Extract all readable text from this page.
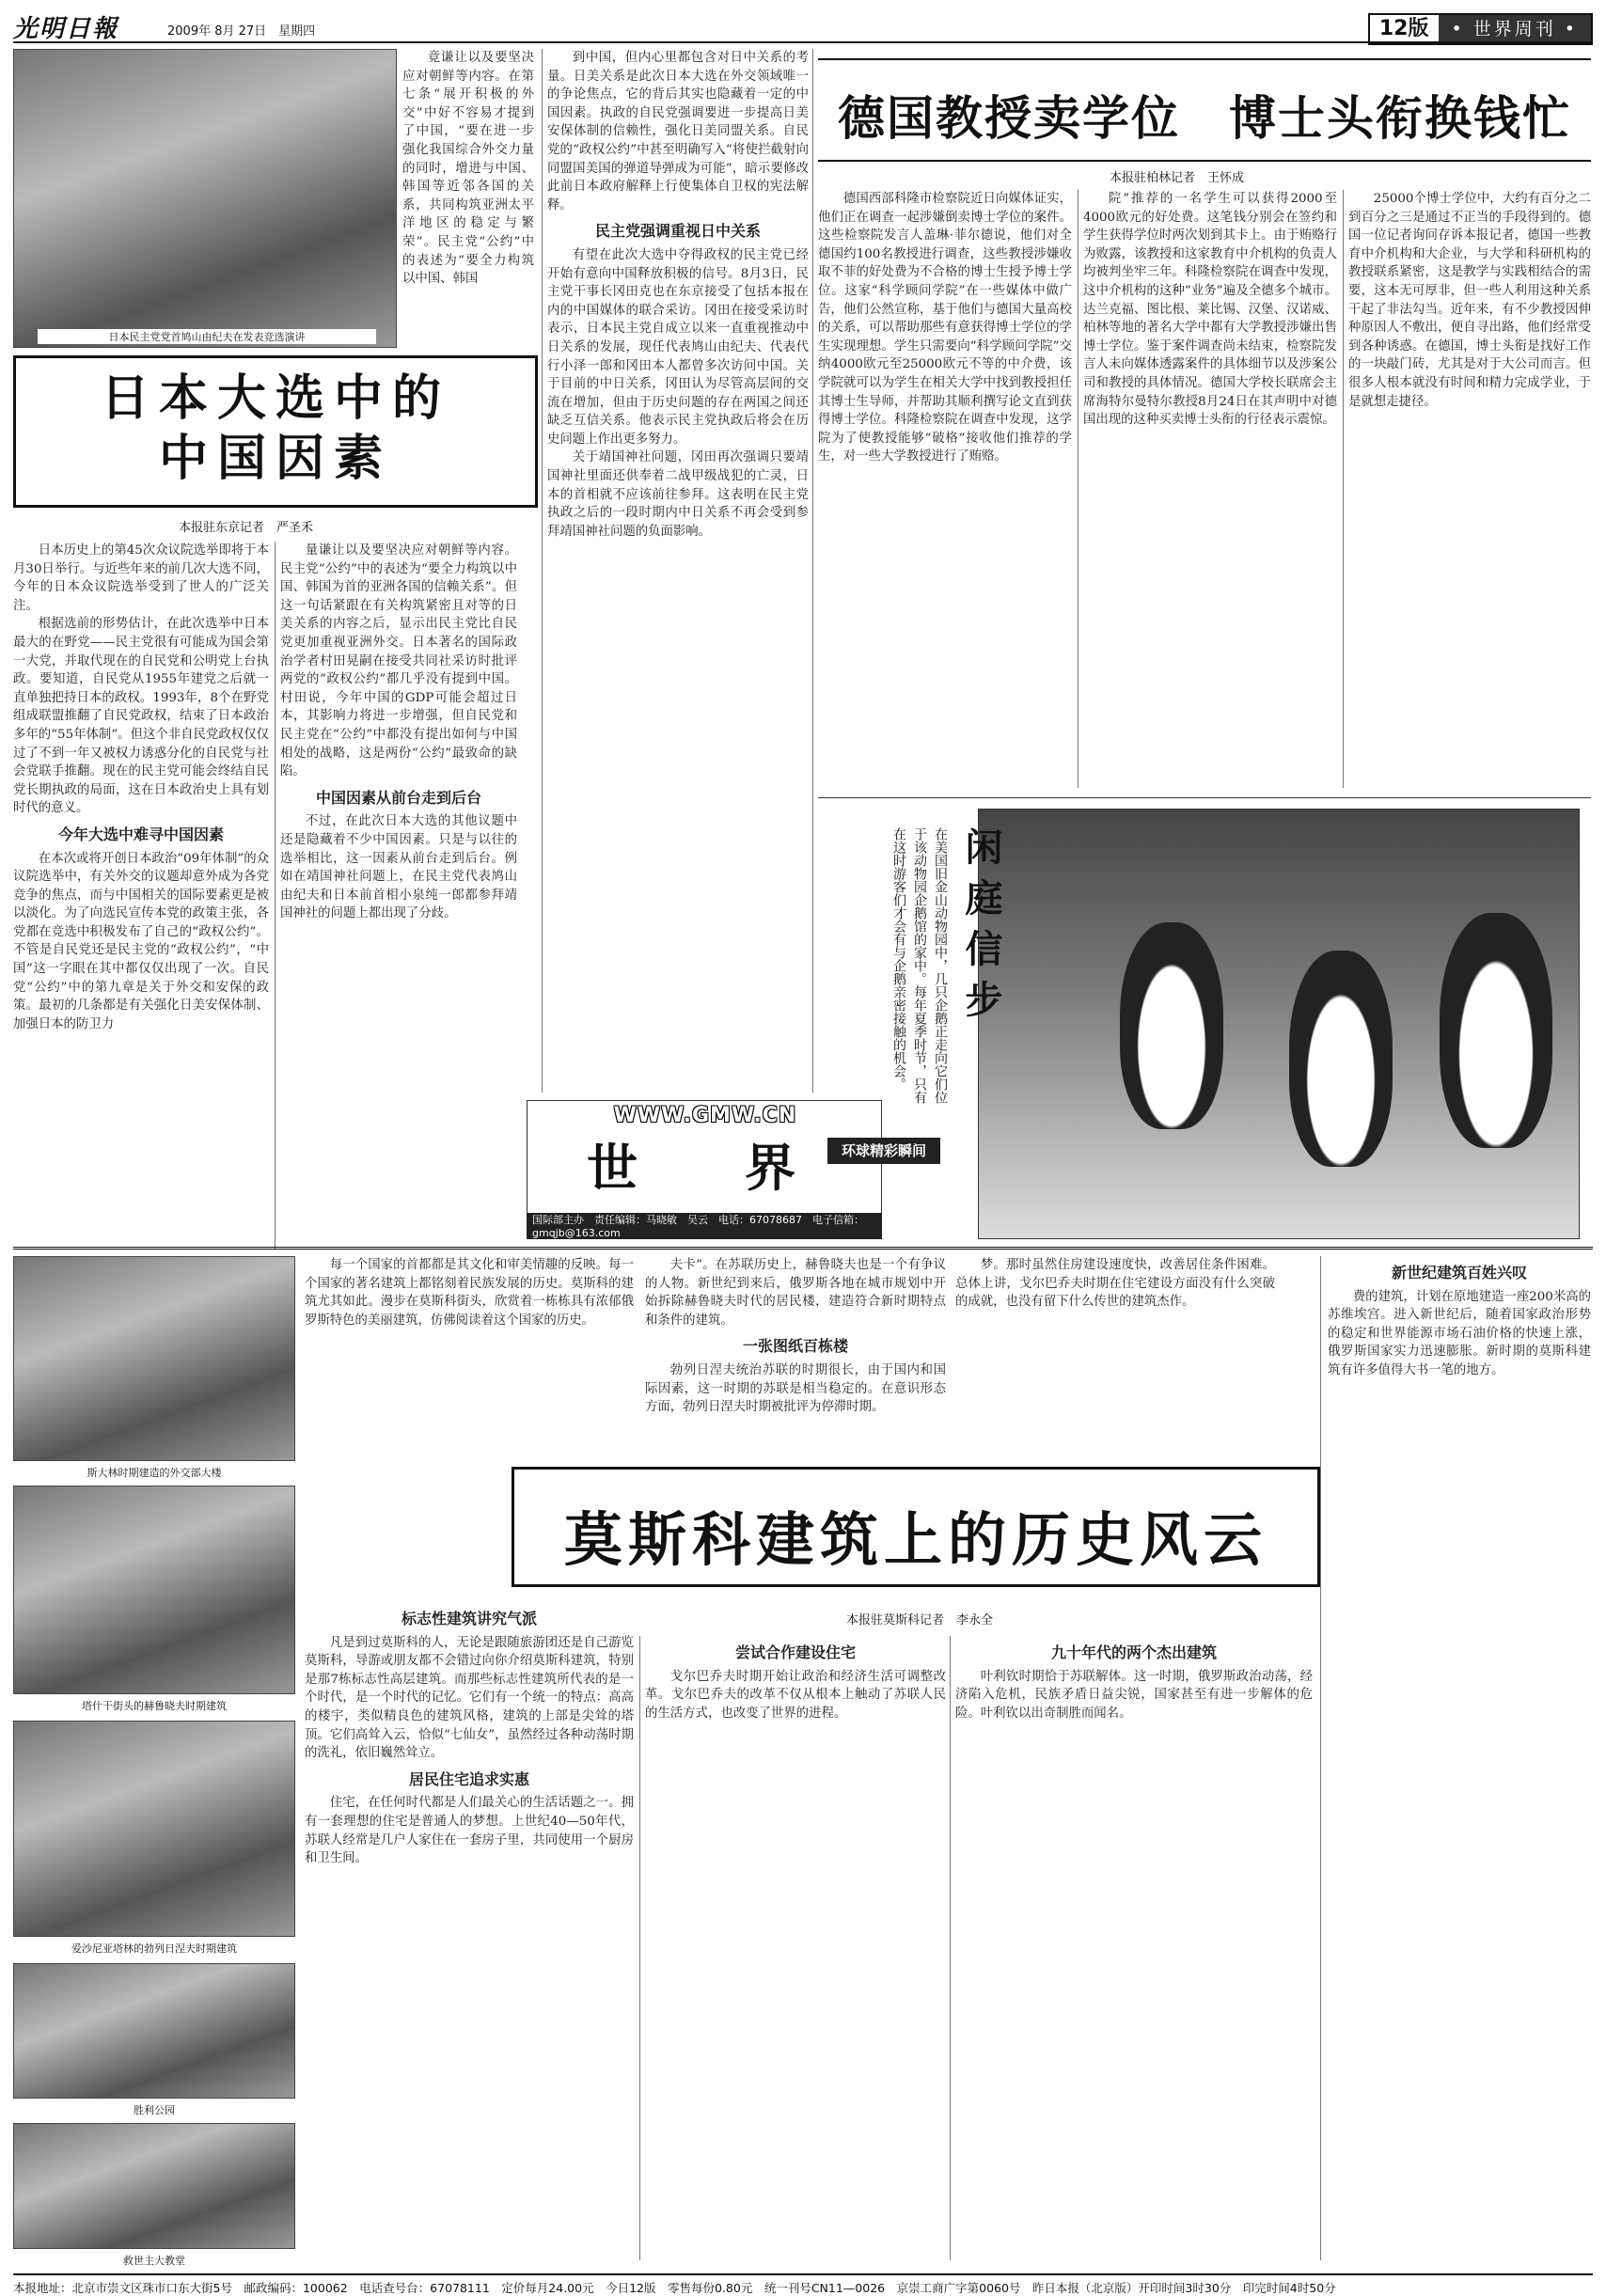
光明日報	2009年 8月 27日　星期四	12版	• 世界周刊 •
日本民主党党首鸠山由纪夫在发表竞选演讲

竟谦让以及要坚决应对朝鲜等内容。在第七条“展开积极的外交”中好不容易才提到了中国，“要在进一步强化我国综合外交力量的同时，增进与中国、韩国等近邻各国的关系，共同构筑亚洲太平洋地区的稳定与繁荣”。民主党“公约”中的表述为“要全力构筑以中国、韩国

日本大选中的
中国因素
本报驻东京记者　严圣禾

日本历史上的第45次众议院选举即将于本月30日举行。与近些年来的前几次大选不同，今年的日本众议院选举受到了世人的广泛关注。

根据选前的形势估计，在此次选举中日本最大的在野党——民主党很有可能成为国会第一大党，并取代现在的自民党和公明党上台执政。要知道，自民党从1955年建党之后就一直单独把持日本的政权。1993年，8个在野党组成联盟推翻了自民党政权，结束了日本政治多年的“55年体制”。但这个非自民党政权仅仅过了不到一年又被权力诱惑分化的自民党与社会党联手推翻。现在的民主党可能会终结自民党长期执政的局面，这在日本政治史上具有划时代的意义。

今年大选中难寻中国因素

在本次或将开创日本政治“09年体制”的众议院选举中，有关外交的议题却意外成为各党竞争的焦点，而与中国相关的国际要素更是被以淡化。为了向选民宣传本党的政策主张，各党都在竞选中积极发布了自己的“政权公约”。不管是自民党还是民主党的“政权公约”，“中国”这一字眼在其中都仅仅出现了一次。自民党“公约”中的第九章是关于外交和安保的政策。最初的几条都是有关强化日美安保体制、加强日本的防卫力

量谦让以及要坚决应对朝鲜等内容。民主党“公约”中的表述为“要全力构筑以中国、韩国为首的亚洲各国的信赖关系”。但这一句话紧跟在有关构筑紧密且对等的日美关系的内容之后，显示出民主党比自民党更加重视亚洲外交。日本著名的国际政治学者村田晃嗣在接受共同社采访时批评两党的“政权公约”都几乎没有提到中国。村田说，今年中国的GDP可能会超过日本，其影响力将进一步增强，但自民党和民主党在“公约”中都没有提出如何与中国相处的战略，这是两份“公约”最致命的缺陷。

中国因素从前台走到后台

不过，在此次日本大选的其他议题中还是隐藏着不少中国因素。只是与以往的选举相比，这一因素从前台走到后台。例如在靖国神社问题上，在民主党代表鸠山由纪夫和日本前首相小泉纯一郎都参拜靖国神社的问题上都出现了分歧。

到中国，但内心里都包含对日中关系的考量。日美关系是此次日本大选在外交领域唯一的争论焦点，它的背后其实也隐藏着一定的中国因素。执政的自民党强调要进一步提高日美安保体制的信赖性，强化日美同盟关系。自民党的“政权公约”中甚至明确写入“将使拦截射向同盟国美国的弹道导弹成为可能”，暗示要修改此前日本政府解释上行使集体自卫权的宪法解释。

民主党强调重视日中关系

有望在此次大选中夺得政权的民主党已经开始有意向中国释放积极的信号。8月3日，民主党干事长冈田克也在东京接受了包括本报在内的中国媒体的联合采访。冈田在接受采访时表示，日本民主党自成立以来一直重视推动中日关系的发展，现任代表鸠山由纪夫、代表代行小泽一郎和冈田本人都曾多次访问中国。关于目前的中日关系，冈田认为尽管高层间的交流在增加，但由于历史问题的存在两国之间还缺乏互信关系。他表示民主党执政后将会在历史问题上作出更多努力。

关于靖国神社问题，冈田再次强调只要靖国神社里面还供奉着二战甲级战犯的亡灵，日本的首相就不应该前往参拜。这表明在民主党执政之后的一段时期内中日关系不再会受到参拜靖国神社问题的负面影响。

德国教授卖学位　博士头衔换钱忙
本报驻柏林记者　王怀成

德国西部科隆市检察院近日向媒体证实，他们正在调查一起涉嫌倒卖博士学位的案件。这些检察院发言人盖琳·菲尔德说，他们对全德国约100名教授进行调查，这些教授涉嫌收取不菲的好处费为不合格的博士生授予博士学位。这家“科学顾问学院”在一些媒体中做广告，他们公然宣称，基于他们与德国大量高校的关系，可以帮助那些有意获得博士学位的学生实现理想。学生只需要向“科学顾问学院”交纳4000欧元至25000欧元不等的中介费，该学院就可以为学生在相关大学中找到教授担任其博士生导师，并帮助其顺利撰写论文直到获得博士学位。科隆检察院在调查中发现，这学院为了使教授能够“破格”接收他们推荐的学生，对一些大学教授进行了贿赂。

院”推荐的一名学生可以获得2000至4000欧元的好处费。这笔钱分别会在签约和学生获得学位时两次划到其卡上。由于贿赂行为败露，该教授和这家教育中介机构的负责人均被判坐牢三年。科隆检察院在调查中发现，这中介机构的这种“业务”遍及全德多个城市。达兰克福、图比根、莱比锡、汉堡、汉诺威、柏林等地的著名大学中都有大学教授涉嫌出售博士学位。鉴于案件调查尚未结束，检察院发言人未向媒体透露案件的具体细节以及涉案公司和教授的具体情况。德国大学校长联席会主席海特尔曼特尔教授8月24日在其声明中对德国出现的这种买卖博士头衔的行径表示震惊。

25000个博士学位中，大约有百分之二到百分之三是通过不正当的手段得到的。德国一位记者询问存诉本报记者，德国一些教育中介机构和大企业，与大学和科研机构的教授联系紧密，这是教学与实践相结合的需要，这本无可厚非，但一些人利用这种关系干起了非法勾当。近年来，有不少教授因伸种原因人不敷出，便自寻出路，他们经常受到各种诱惑。在德国，博士头衔是找好工作的一块敲门砖，尤其是对于大公司而言。但很多人根本就没有时间和精力完成学业，于是就想走捷径。

闲庭信步
在美国旧金山动物园中，几只企鹅正走向它们位于该动物园企鹅馆的家中。每年夏季时节，只有在这时游客们才会有与企鹅亲密接触的机会。
WWW.GMW.CN
世　界
国际部主办　责任编辑：马晓敏　吴云　电话：67078687　电子信箱：gmqjb@163.com
环球精彩瞬间
斯大林时期建造的外交部大楼
塔什干街头的赫鲁晓夫时期建筑
爱沙尼亚塔林的勃列日涅夫时期建筑
胜利公园
救世主大教堂

每一个国家的首都都是其文化和审美情趣的反映。每一个国家的著名建筑上都铭刻着民族发展的历史。莫斯科的建筑尤其如此。漫步在莫斯科街头，欣赏着一栋栋具有浓郁俄罗斯特色的美丽建筑，仿佛阅读着这个国家的历史。

夫卡”。在苏联历史上，赫鲁晓夫也是一个有争议的人物。新世纪到来后，俄罗斯各地在城市规划中开始拆除赫鲁晓夫时代的居民楼，建造符合新时期特点和条件的建筑。

一张图纸百栋楼

勃列日涅夫统治苏联的时期很长，由于国内和国际因素，这一时期的苏联是相当稳定的。在意识形态方面，勃列日涅夫时期被批评为停滞时期。

梦。那时虽然住房建设速度快，改善居住条件困难。总体上讲，戈尔巴乔夫时期在住宅建设方面没有什么突破的成就，也没有留下什么传世的建筑杰作。

新世纪建筑百姓兴叹

费的建筑，计划在原地建造一座200米高的苏维埃宫。进入新世纪后，随着国家政治形势的稳定和世界能源市场石油价格的快速上涨，俄罗斯国家实力迅速膨胀。新时期的莫斯科建筑有许多值得大书一笔的地方。

莫斯科建筑上的历史风云
本报驻莫斯科记者　李永全
标志性建筑讲究气派

凡是到过莫斯科的人，无论是跟随旅游团还是自己游览莫斯科，导游或朋友都不会错过向你介绍莫斯科建筑，特别是那7栋标志性高层建筑。而那些标志性建筑所代表的是一个时代，是一个时代的记忆。它们有一个统一的特点：高高的楼宇，类似精良色的建筑风格，建筑的上部是尖耸的塔顶。它们高耸入云，恰似“七仙女”，虽然经过各种动荡时期的洗礼，依旧巍然耸立。

居民住宅追求实惠

住宅，在任何时代都是人们最关心的生活话题之一。拥有一套理想的住宅是普通人的梦想。上世纪40—50年代，苏联人经常是几户人家住在一套房子里，共同使用一个厨房和卫生间。

尝试合作建设住宅

戈尔巴乔夫时期开始让政治和经济生活可调整改革。戈尔巴乔夫的改革不仅从根本上触动了苏联人民的生活方式，也改变了世界的进程。

九十年代的两个杰出建筑

叶利钦时期恰于苏联解体。这一时期，俄罗斯政治动荡，经济陷入危机，民族矛盾日益尖锐，国家甚至有进一步解体的危险。叶利钦以出奇制胜而闻名。

本报地址：北京市崇文区珠市口东大街5号　邮政编码：100062　电话查号台：67078111　定价每月24.00元　今日12版　零售每份0.80元　统一刊号CN11—0026　京崇工商广字第0060号　昨日本报（北京版）开印时间3时30分　印完时间4时50分
